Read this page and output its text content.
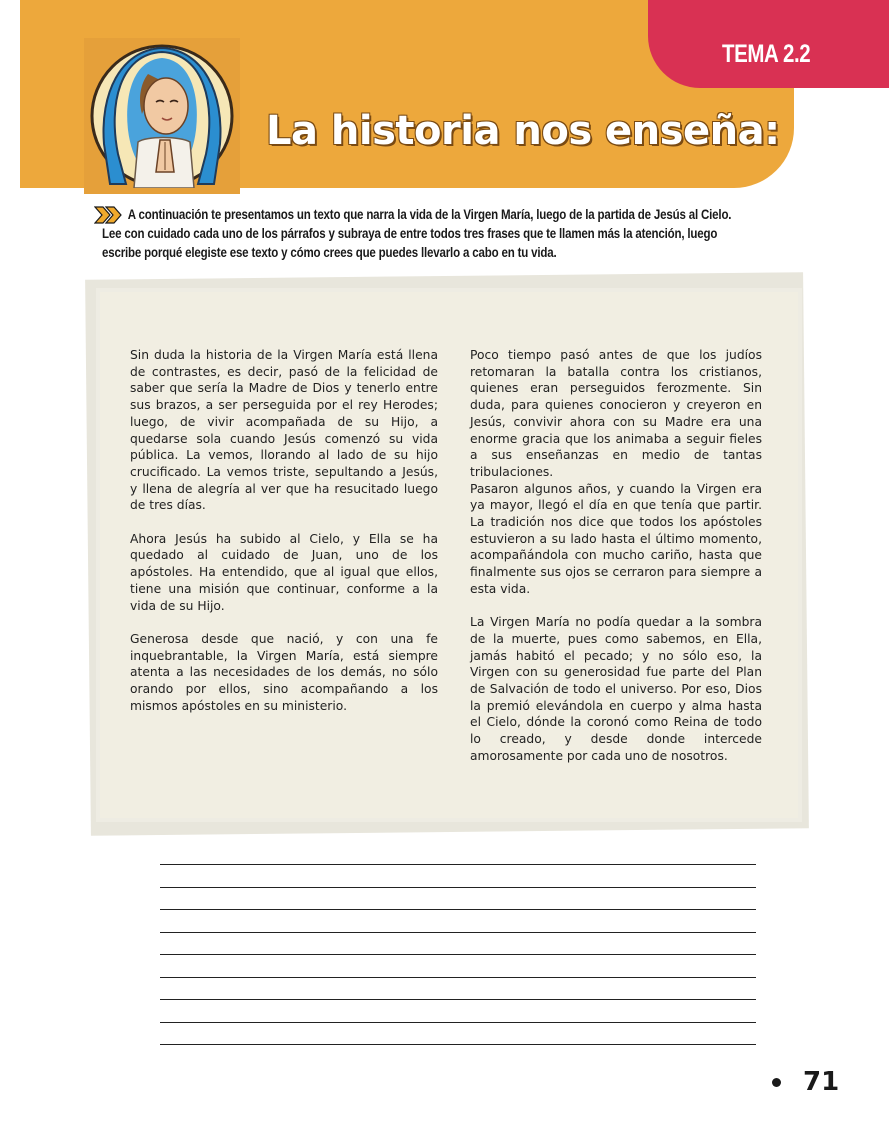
TEMA 2.2
La historia nos enseña:
A continuación te presentamos un texto que narra la vida de la Virgen María, luego de la partida de Jesús al Cielo.
Lee con cuidado cada uno de los párrafos y subraya de entre todos tres frases que te llamen más la atención, luego
escribe porqué elegiste ese texto y cómo crees que puedes llevarlo a cabo en tu vida.

Sin duda la historia de la Virgen María está llena de contrastes, es decir, pasó de la felicidad de saber que sería la Madre de Dios y tenerlo entre sus brazos, a ser perseguida por el rey Herodes; luego, de vivir acompañada de su Hijo, a quedarse sola cuando Jesús comenzó su vida pública. La vemos, llorando al lado de su hijo crucificado. La vemos triste, sepultando a Jesús, y llena de alegría al ver que ha resucitado luego de tres días.

Ahora Jesús ha subido al Cielo, y Ella se ha quedado al cuidado de Juan, uno de los apóstoles. Ha entendido, que al igual que ellos, tiene una misión que continuar, conforme a la vida de su Hijo.

Generosa desde que nació, y con una fe inquebrantable, la Virgen María, está siempre atenta a las necesidades de los demás, no sólo orando por ellos, sino acompañando a los mismos apóstoles en su ministerio.

Poco tiempo pasó antes de que los judíos retomaran la batalla contra los cristianos, quienes eran perseguidos ferozmente. Sin duda, para quienes conocieron y creyeron en Jesús, convivir ahora con su Madre era una enorme gracia que los animaba a seguir fieles a sus enseñanzas en medio de tantas tribulaciones.

Pasaron algunos años, y cuando la Virgen era ya mayor, llegó el día en que tenía que partir. La tradición nos dice que todos los apóstoles estuvieron a su lado hasta el último momento, acompañándola con mucho cariño, hasta que finalmente sus ojos se cerraron para siempre a esta vida.

La Virgen María no podía quedar a la sombra de la muerte, pues como sabemos, en Ella, jamás habitó el pecado; y no sólo eso, la Virgen con su generosidad fue parte del Plan de Salvación de todo el universo. Por eso, Dios la premió elevándola en cuerpo y alma hasta el Cielo, dónde la coronó como Reina de todo lo creado, y desde donde intercede amorosamente por cada uno de nosotros.

71
